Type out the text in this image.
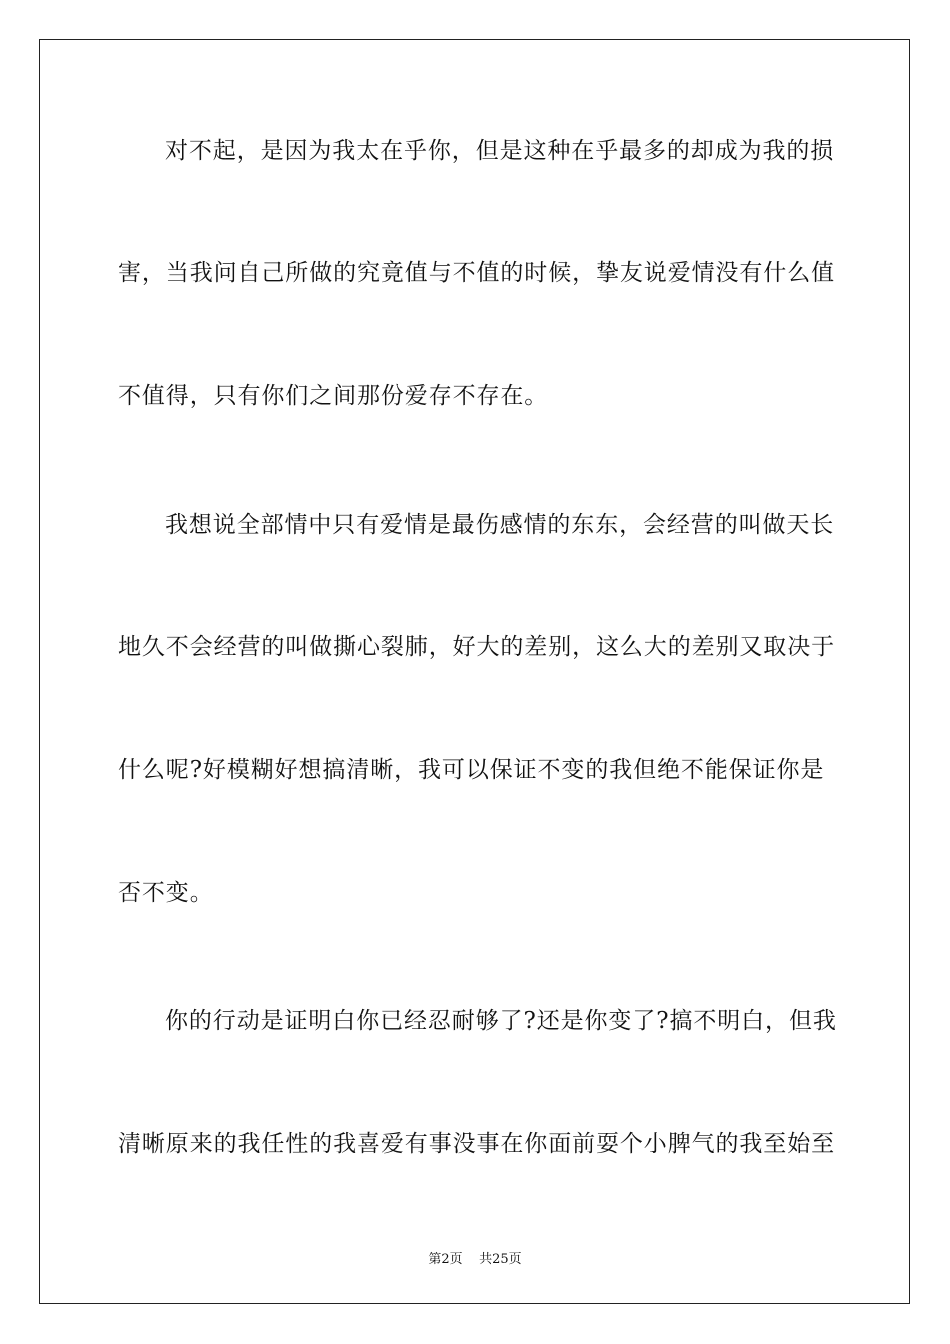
对不起，是因为我太在乎你，但是这种在乎最多的却成为我的损
害，当我问自己所做的究竟值与不值的时候，挚友说爱情没有什么值
不值得，只有你们之间那份爱存不存在。
我想说全部情中只有爱情是最伤感情的东东，会经营的叫做天长
地久不会经营的叫做撕心裂肺，好大的差别，这么大的差别又取决于
什么呢?好模糊好想搞清晰，我可以保证不变的我但绝不能保证你是
否不变。
你的行动是证明白你已经忍耐够了?还是你变了?搞不明白，但我
清晰原来的我任性的我喜爱有事没事在你面前耍个小脾气的我至始至
第2页    共25页
